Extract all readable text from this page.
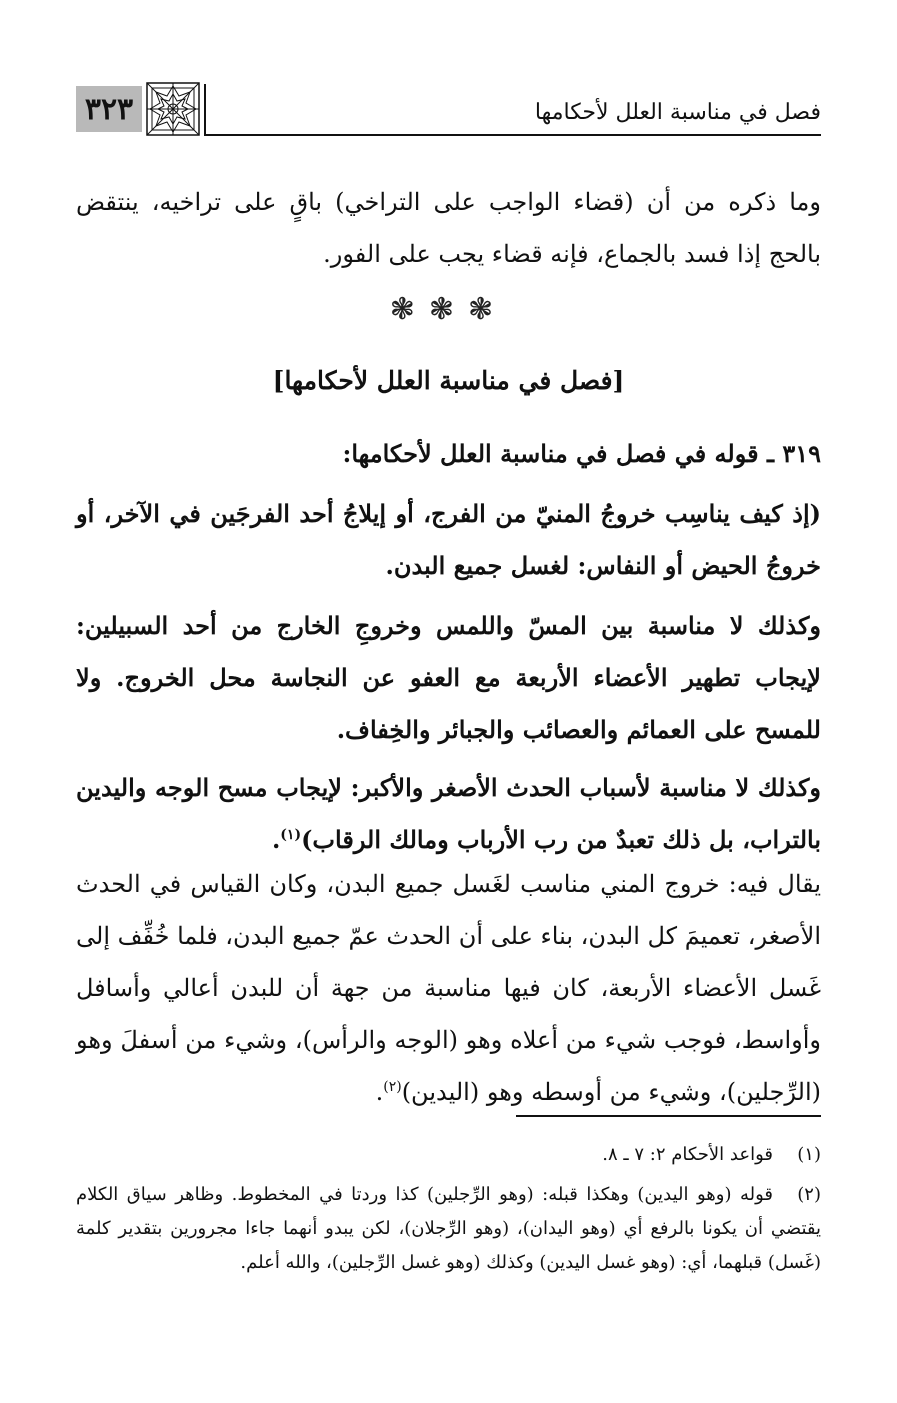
فصل في مناسبة العلل لأحكامها
٣٢٣

وما ذكره من أن (قضاء الواجب على التراخي) باقٍ على تراخيه، ينتقض بالحج إذا فسد بالجماع، فإنه قضاء يجب على الفور.

❃❃❃
[فصل في مناسبة العلل لأحكامها]

٣١٩ ـ قوله في فصل في مناسبة العلل لأحكامها:

(إذ كيف يناسِب خروجُ المنيّ من الفرج، أو إيلاجُ أحد الفرجَين في الآخر، أو خروجُ الحيض أو النفاس: لغسل جميع البدن.

وكذلك لا مناسبة بين المسّ واللمس وخروجِ الخارج من أحد السبيلين: لإيجاب تطهير الأعضاء الأربعة مع العفو عن النجاسة محل الخروج. ولا للمسح على العمائم والعصائب والجبائر والخِفاف.

وكذلك لا مناسبة لأسباب الحدث الأصغر والأكبر: لإيجاب مسح الوجه واليدين بالتراب، بل ذلك تعبدٌ من رب الأرباب ومالك الرقاب)$^{(١)}$.

يقال فيه: خروج المني مناسب لغَسل جميع البدن، وكان القياس في الحدث الأصغر، تعميمَ كل البدن، بناء على أن الحدث عمّ جميع البدن، فلما خُفِّف إلى غَسل الأعضاء الأربعة، كان فيها مناسبة من جهة أن للبدن أعالي وأسافل وأواسط، فوجب شيء من أعلاه وهو (الوجه والرأس)، وشيء من أسفلَ وهو (الرِّجلين)، وشيء من أوسطه وهو (اليدين)$^{(٢)}$.

(١)قواعد الأحكام ٢: ٧ ـ ٨.

(٢)قوله (وهو اليدين) وهكذا قبله: (وهو الرِّجلين) كذا وردتا في المخطوط. وظاهر سياق الكلام يقتضي أن يكونا بالرفع أي (وهو اليدان)، (وهو الرِّجلان)، لكن يبدو أنهما جاءا مجرورين بتقدير كلمة (غَسل) قبلهما، أي: (وهو غسل اليدين) وكذلك (وهو غسل الرِّجلين)، والله أعلم.
